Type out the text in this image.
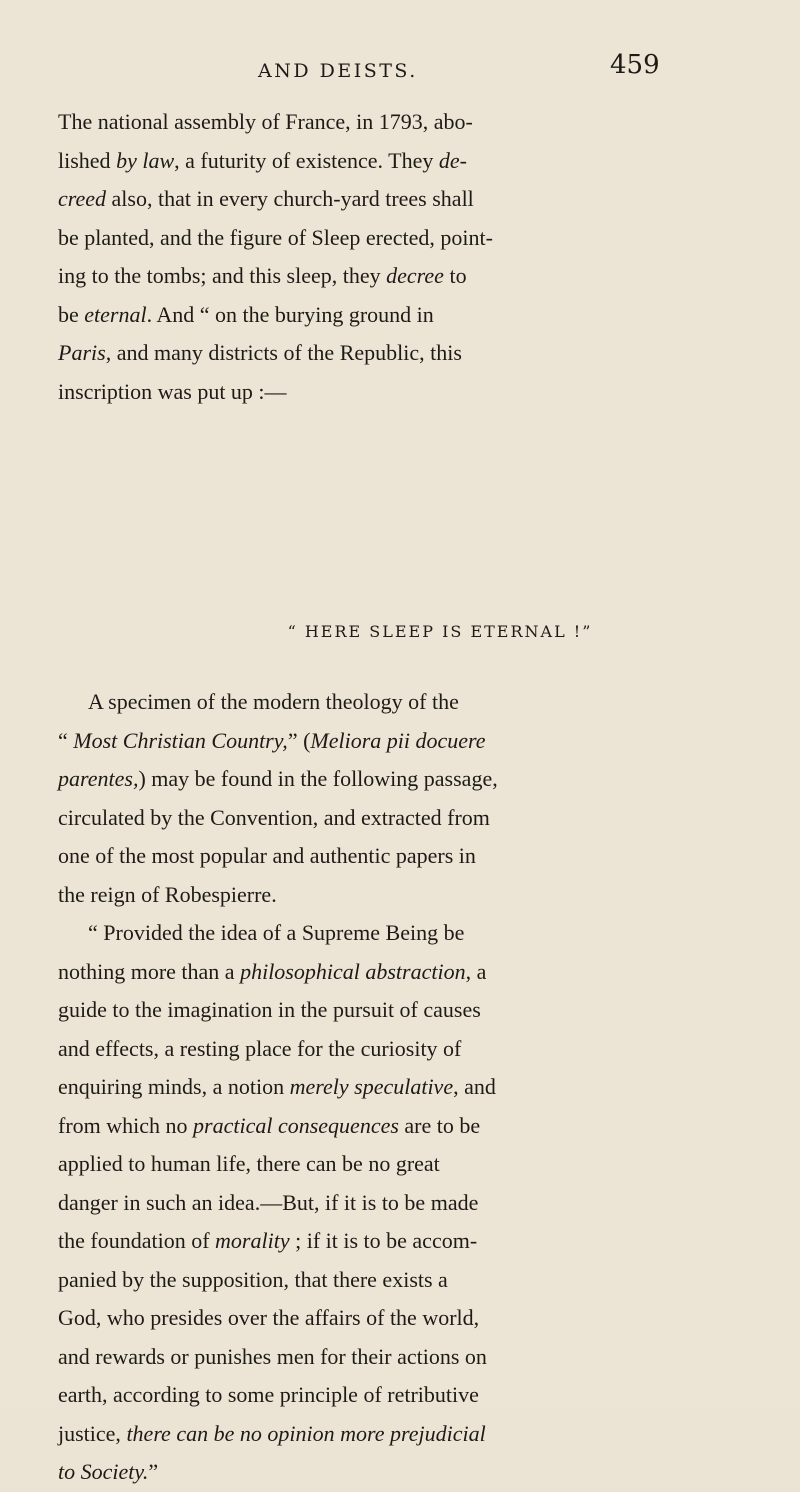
AND DEISTS.	459
The national assembly of France, in 1793, abo-
lished by law, a futurity of existence. They de-
creed also, that in every church-yard trees shall
be planted, and the figure of Sleep erected, point-
ing to the tombs; and this sleep, they decree to
be eternal. And “ on the burying ground in
Paris, and many districts of the Republic, this
inscription was put up :—
“ HERE SLEEP IS ETERNAL !”
A specimen of the modern theology of the
“ Most Christian Country,” (Meliora pii docuere
parentes,) may be found in the following passage,
circulated by the Convention, and extracted from
one of the most popular and authentic papers in
the reign of Robespierre.
“ Provided the idea of a Supreme Being be
nothing more than a philosophical abstraction, a
guide to the imagination in the pursuit of causes
and effects, a resting place for the curiosity of
enquiring minds, a notion merely speculative, and
from which no practical consequences are to be
applied to human life, there can be no great
danger in such an idea.—But, if it is to be made
the foundation of morality ; if it is to be accom-
panied by the supposition, that there exists a
God, who presides over the affairs of the world,
and rewards or punishes men for their actions on
earth, according to some principle of retributive
justice, there can be no opinion more prejudicial
to Society.”
